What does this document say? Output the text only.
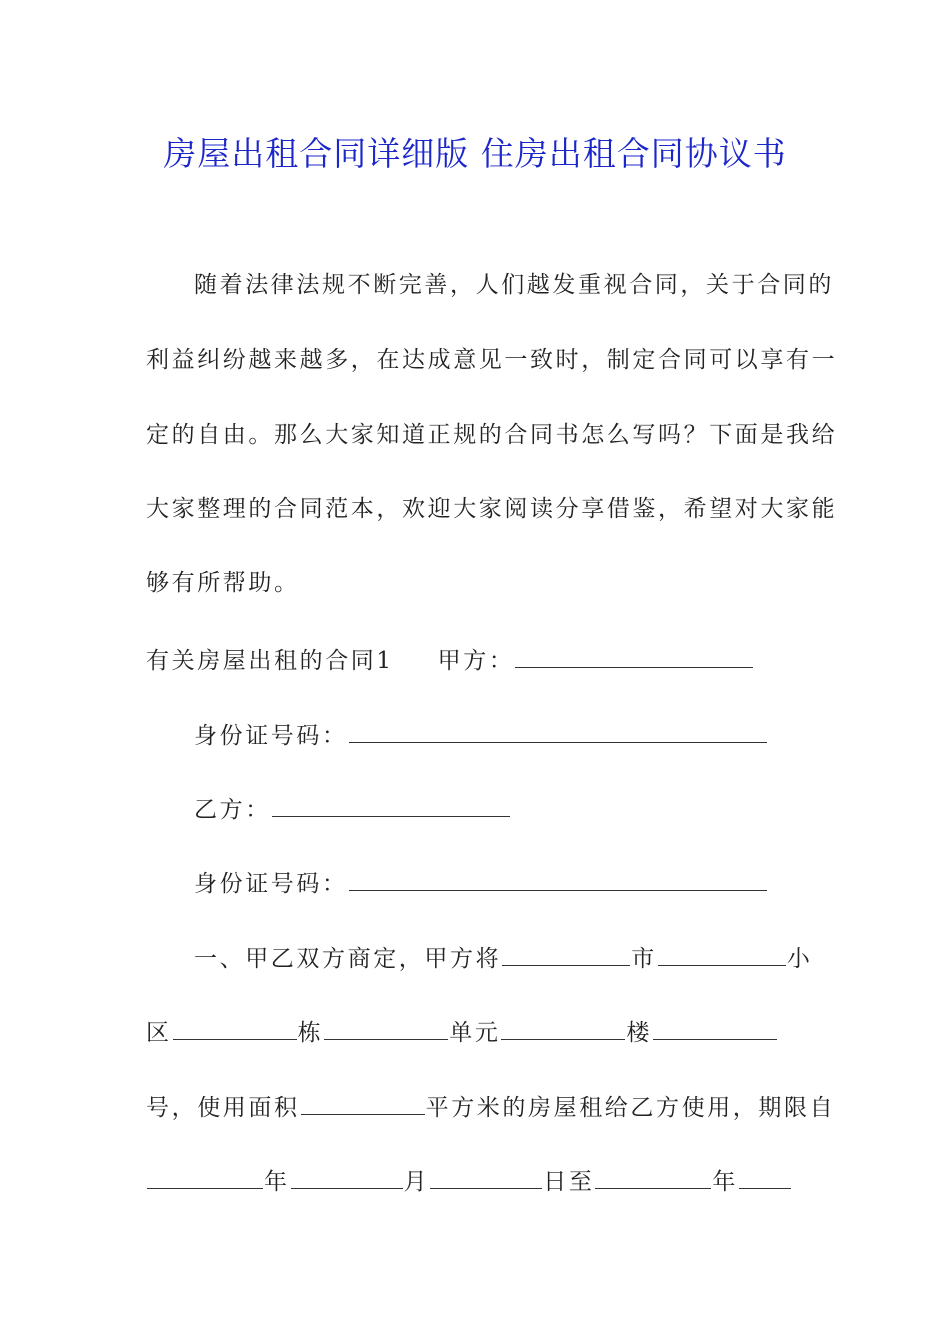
房屋出租合同详细版 住房出租合同协议书
随着法律法规不断完善，人们越发重视合同，关于合同的
利益纠纷越来越多，在达成意见一致时，制定合同可以享有一
定的自由。那么大家知道正规的合同书怎么写吗？下面是我给
大家整理的合同范本，欢迎大家阅读分享借鉴，希望对大家能
够有所帮助。
有关房屋出租的合同1 甲方：
身份证号码：
乙方：
身份证号码：
一、甲乙双方商定，甲方将	市	小
区	栋	单元	楼
号，使用面积	平方米的房屋租给乙方使用，期限自
年	月	日至	年
